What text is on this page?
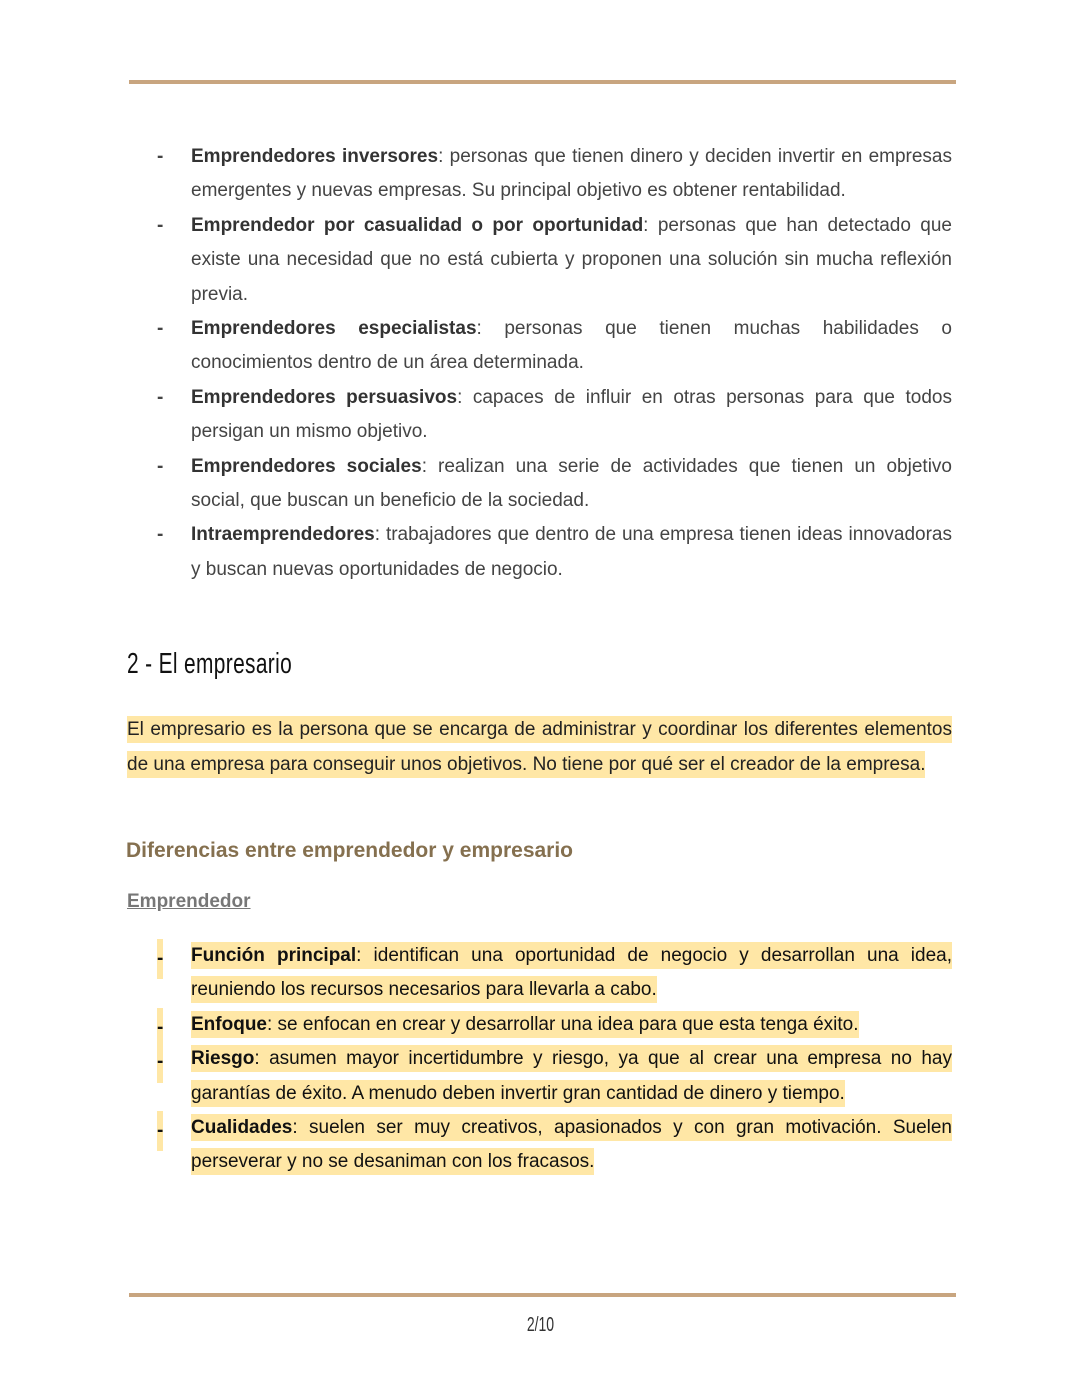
- Emprendedores inversores: personas que tienen dinero y deciden invertir en empresas emergentes y nuevas empresas. Su principal objetivo es obtener rentabilidad.
- Emprendedor por casualidad o por oportunidad: personas que han detectado que existe una necesidad que no está cubierta y proponen una solución sin mucha reflexión previa.
- Emprendedores especialistas: personas que tienen muchas habilidades o conocimientos dentro de un área determinada.
- Emprendedores persuasivos: capaces de influir en otras personas para que todos persigan un mismo objetivo.
- Emprendedores sociales: realizan una serie de actividades que tienen un objetivo social, que buscan un beneficio de la sociedad.
- Intraemprendedores: trabajadores que dentro de una empresa tienen ideas innovadoras y buscan nuevas oportunidades de negocio.
2 - El empresario
El empresario es la persona que se encarga de administrar y coordinar los diferentes elementos de una empresa para conseguir unos objetivos. No tiene por qué ser el creador de la empresa.
Diferencias entre emprendedor y empresario
Emprendedor
- Función principal: identifican una oportunidad de negocio y desarrollan una idea, reuniendo los recursos necesarios para llevarla a cabo.
- Enfoque: se enfocan en crear y desarrollar una idea para que esta tenga éxito.
- Riesgo: asumen mayor incertidumbre y riesgo, ya que al crear una empresa no hay garantías de éxito. A menudo deben invertir gran cantidad de dinero y tiempo.
- Cualidades: suelen ser muy creativos, apasionados y con gran motivación. Suelen perseverar y no se desaniman con los fracasos.
2/10
